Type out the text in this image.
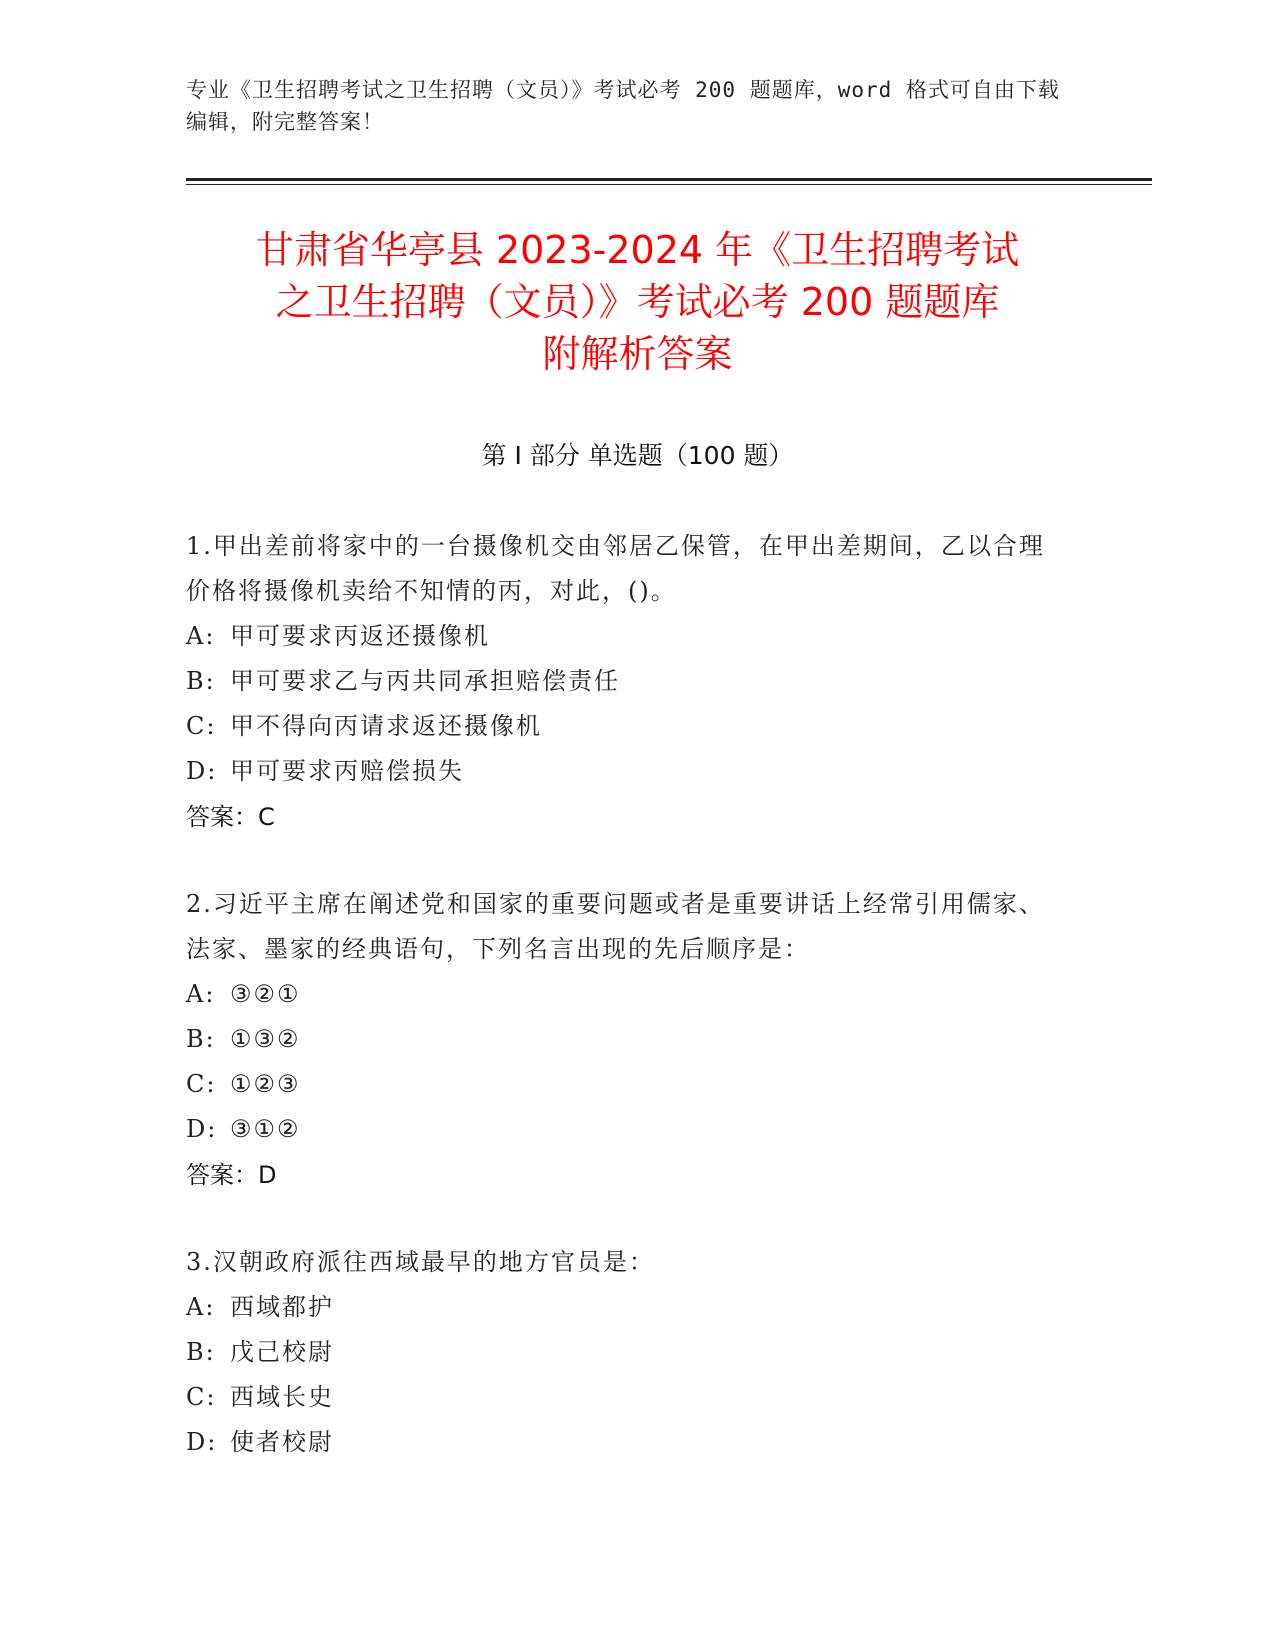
专业《卫生招聘考试之卫生招聘（文员）》考试必考 200 题题库，word 格式可自由下载编辑，附完整答案！
甘肃省华亭县 2023-2024 年《卫生招聘考试
之卫生招聘（文员）》考试必考 200 题题库
附解析答案
第 I 部分 单选题（100 题）
1.甲出差前将家中的一台摄像机交由邻居乙保管，在甲出差期间，乙以合理价格将摄像机卖给不知情的丙，对此，()。
A: 甲可要求丙返还摄像机
B: 甲可要求乙与丙共同承担赔偿责任
C: 甲不得向丙请求返还摄像机
D: 甲可要求丙赔偿损失
答案：C
2.习近平主席在阐述党和国家的重要问题或者是重要讲话上经常引用儒家、法家、墨家的经典语句，下列名言出现的先后顺序是：
A: ③②①
B: ①③②
C: ①②③
D: ③①②
答案：D
3.汉朝政府派往西域最早的地方官员是：
A: 西域都护
B: 戊己校尉
C: 西域长史
D: 使者校尉
